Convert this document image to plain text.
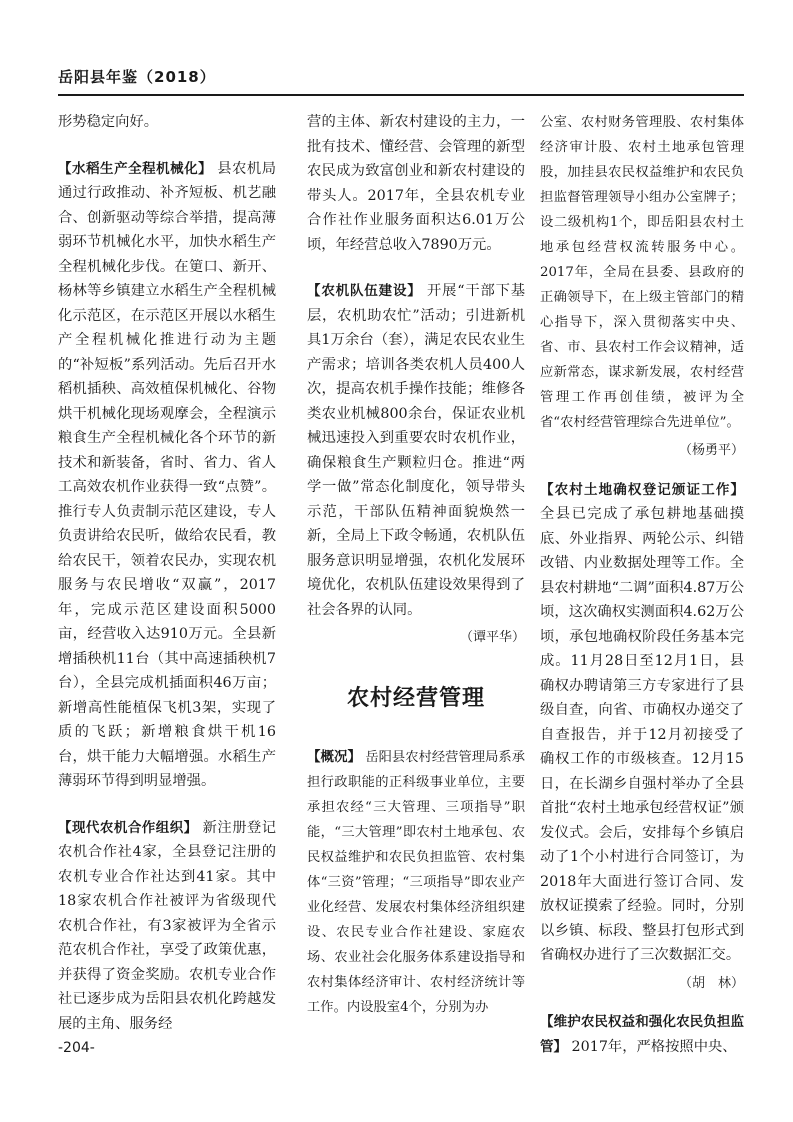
岳阳县年鉴（2018）

形势稳定向好。

【水稻生产全程机械化】 县农机局通过行政推动、补齐短板、机艺融合、创新驱动等综合举措，提高薄弱环节机械化水平，加快水稻生产全程机械化步伐。在筻口、新开、杨林等乡镇建立水稻生产全程机械化示范区，在示范区开展以水稻生产全程机械化推进行动为主题的“补短板”系列活动。先后召开水稻机插秧、高效植保机械化、谷物烘干机械化现场观摩会，全程演示粮食生产全程机械化各个环节的新技术和新装备，省时、省力、省人工高效农机作业获得一致“点赞”。推行专人负责制示范区建设，专人负责讲给农民听，做给农民看，教给农民干，领着农民办，实现农机服务与农民增收“双赢”，2017年，完成示范区建设面积5000亩，经营收入达910万元。全县新增插秧机11台（其中高速插秧机7台），全县完成机插面积46万亩；新增高性能植保飞机3架，实现了质的飞跃；新增粮食烘干机16台，烘干能力大幅增强。水稻生产薄弱环节得到明显增强。

【现代农机合作组织】 新注册登记农机合作社4家，全县登记注册的农机专业合作社达到41家。其中18家农机合作社被评为省级现代农机合作社，有3家被评为全省示范农机合作社，享受了政策优惠，并获得了资金奖励。农机专业合作社已逐步成为岳阳县农机化跨越发展的主角、服务经

营的主体、新农村建设的主力，一批有技术、懂经营、会管理的新型农民成为致富创业和新农村建设的带头人。2017年，全县农机专业合作社作业服务面积达6.01万公顷，年经营总收入7890万元。

【农机队伍建设】 开展“干部下基层，农机助农忙”活动；引进新机具1万余台（套），满足农民农业生产需求；培训各类农机人员400人次，提高农机手操作技能；维修各类农业机械800余台，保证农业机械迅速投入到重要农时农机作业，确保粮食生产颗粒归仓。推进“两学一做”常态化制度化，领导带头示范，干部队伍精神面貌焕然一新，全局上下政令畅通，农机队伍服务意识明显增强，农机化发展环境优化，农机队伍建设效果得到了社会各界的认同。

（谭平华）
农村经营管理

【概况】 岳阳县农村经营管理局系承担行政职能的正科级事业单位，主要承担农经“三大管理、三项指导”职能，“三大管理”即农村土地承包、农民权益维护和农民负担监管、农村集体“三资”管理；“三项指导”即农业产业化经营、发展农村集体经济组织建设、农民专业合作社建设、家庭农场、农业社会化服务体系建设指导和农村集体经济审计、农村经济统计等工作。内设股室4个，分别为办

公室、农村财务管理股、农村集体经济审计股、农村土地承包管理股，加挂县农民权益维护和农民负担监督管理领导小组办公室牌子；设二级机构1个，即岳阳县农村土地承包经营权流转服务中心。2017年，全局在县委、县政府的正确领导下，在上级主管部门的精心指导下，深入贯彻落实中央、省、市、县农村工作会议精神，适应新常态，谋求新发展，农村经营管理工作再创佳绩，被评为全省“农村经营管理综合先进单位”。

（杨勇平）

【农村土地确权登记颁证工作】 全县已完成了承包耕地基础摸底、外业指界、两轮公示、纠错改错、内业数据处理等工作。全县农村耕地“二调”面积4.87万公顷，这次确权实测面积4.62万公顷，承包地确权阶段任务基本完成。11月28日至12月1日，县确权办聘请第三方专家进行了县级自查，向省、市确权办递交了自查报告，并于12月初接受了确权工作的市级核查。12月15日，在长湖乡自强村举办了全县首批“农村土地承包经营权证”颁发仪式。会后，安排每个乡镇启动了1个小村进行合同签订，为2018年大面进行签订合同、发放权证摸索了经验。同时，分别以乡镇、标段、整县打包形式到省确权办进行了三次数据汇交。

（胡　林）

【维护农民权益和强化农民负担监管】 2017年，严格按照中央、

-204-
